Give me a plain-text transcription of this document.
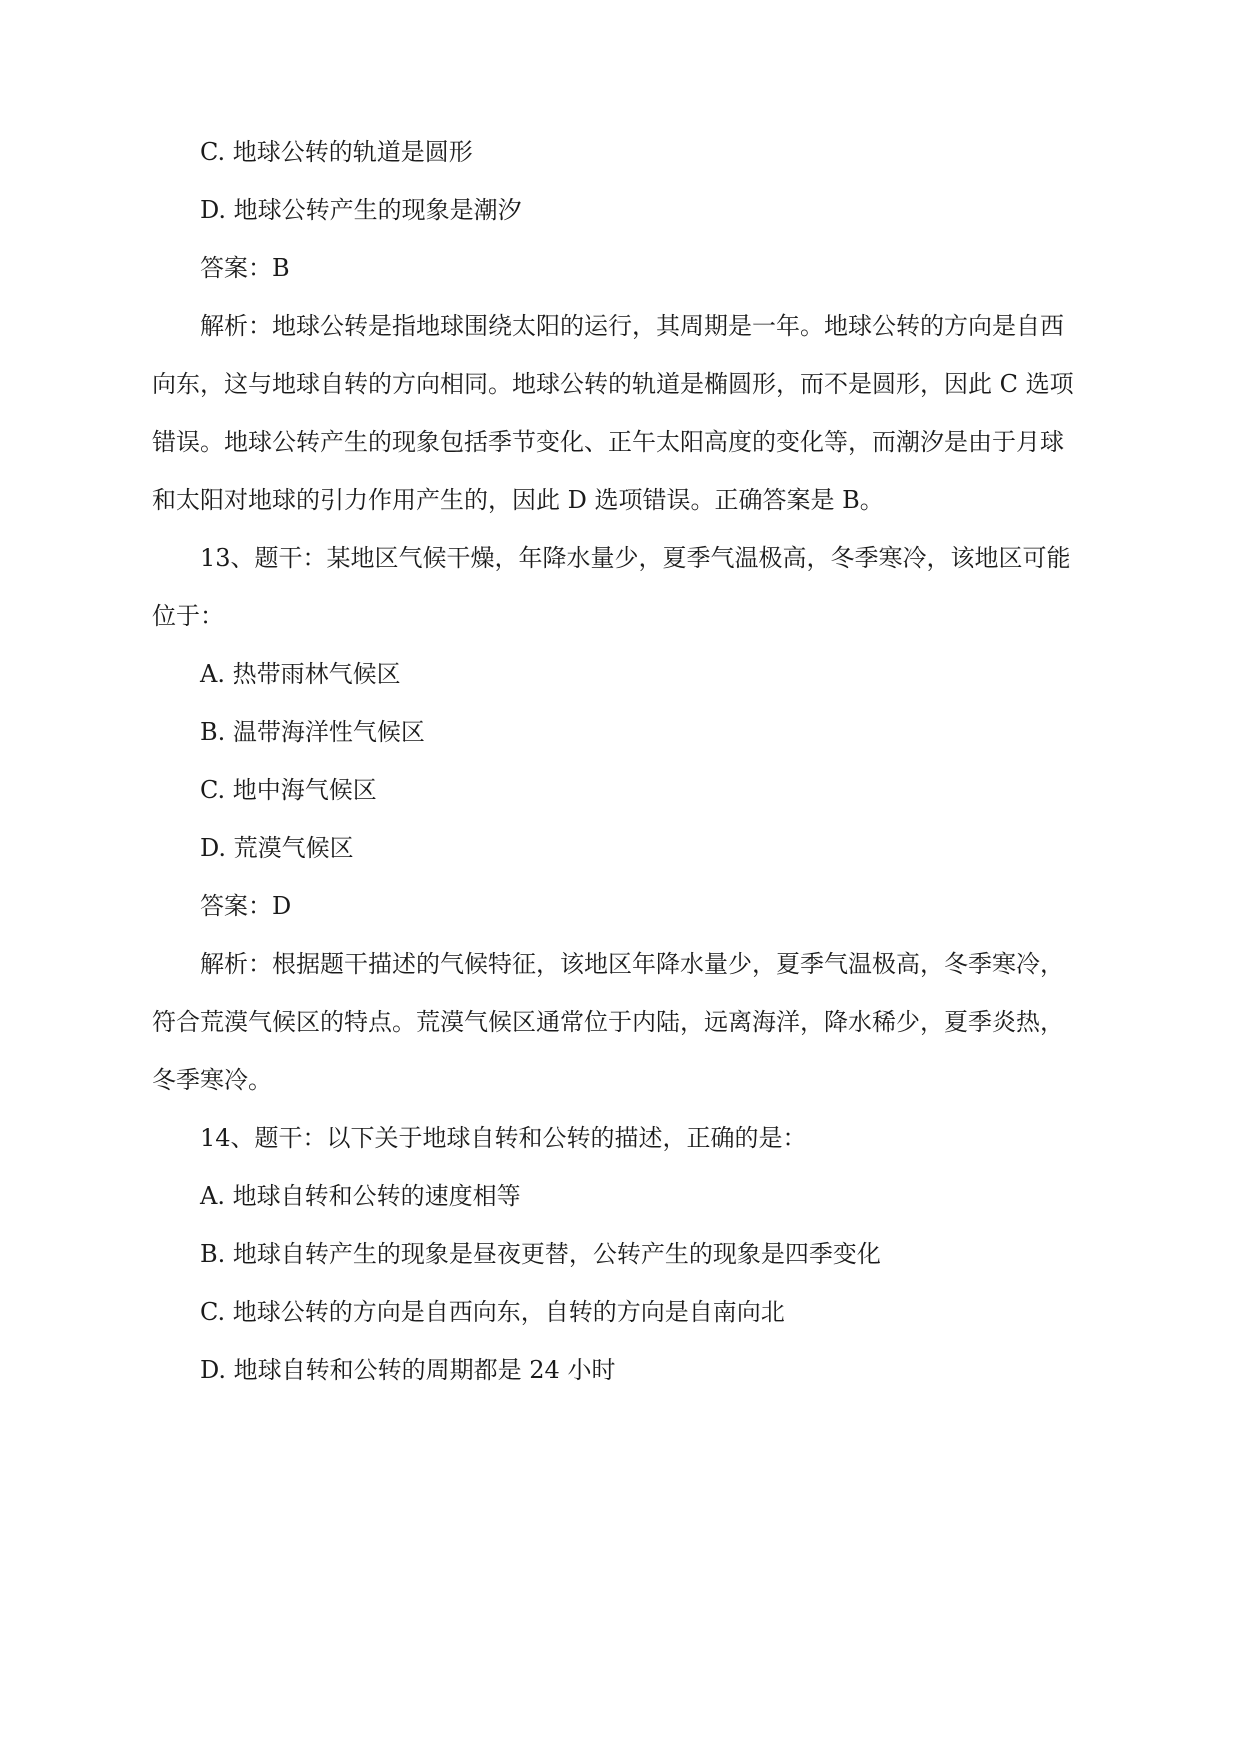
C. 地球公转的轨道是圆形
D. 地球公转产生的现象是潮汐
答案：B
解析：地球公转是指地球围绕太阳的运行，其周期是一年。地球公转的方向是自西
向东，这与地球自转的方向相同。地球公转的轨道是椭圆形，而不是圆形，因此 C 选项
错误。地球公转产生的现象包括季节变化、正午太阳高度的变化等，而潮汐是由于月球
和太阳对地球的引力作用产生的，因此 D 选项错误。正确答案是 B。
13、题干：某地区气候干燥，年降水量少，夏季气温极高，冬季寒冷，该地区可能
位于：
A. 热带雨林气候区
B. 温带海洋性气候区
C. 地中海气候区
D. 荒漠气候区
答案：D
解析：根据题干描述的气候特征，该地区年降水量少，夏季气温极高，冬季寒冷，
符合荒漠气候区的特点。荒漠气候区通常位于内陆，远离海洋，降水稀少，夏季炎热，
冬季寒冷。
14、题干：以下关于地球自转和公转的描述，正确的是：
A. 地球自转和公转的速度相等
B. 地球自转产生的现象是昼夜更替，公转产生的现象是四季变化
C. 地球公转的方向是自西向东，自转的方向是自南向北
D. 地球自转和公转的周期都是 24 小时
